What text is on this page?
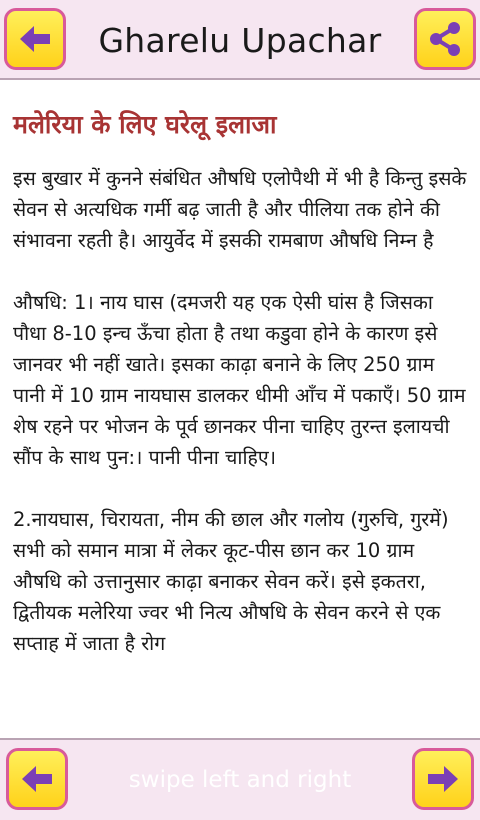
Gharelu Upachar
मलेरिया के लिए घरेलू इलाजा

इस बुखार में कुनने संबंधित औषधि एलोपैथी में भी है किन्तु इसके सेवन से अत्यधिक गर्मी बढ़ जाती है और पीलिया तक होने की संभावना रहती है। आयुर्वेद में इसकी रामबाण औषधि निम्न है

औषधि: 1। नाय घास (दमजरी यह एक ऐसी घांस है जिसका पौधा 8-10 इन्च ऊँचा होता है तथा कडुवा होने के कारण इसे जानवर भी नहीं खाते। इसका काढ़ा बनाने के लिए 250 ग्राम पानी में 10 ग्राम नायघास डालकर धीमी आँच में पकाएँ। 50 ग्राम शेष रहने पर भोजन के पूर्व छानकर पीना चाहिए तुरन्त इलायची सौंप के साथ पुन:। पानी पीना चाहिए।

2.नायघास, चिरायता, नीम की छाल और गलोय (गुरुचि, गुरमें) सभी को समान मात्रा में लेकर कूट-पीस छान कर 10 ग्राम औषधि को उत्तानुसार काढ़ा बनाकर सेवन करें। इसे इकतरा, द्वितीयक मलेरिया ज्वर भी नित्य औषधि के सेवन करने से एक सप्ताह में जाता है रोग

swipe left and right
